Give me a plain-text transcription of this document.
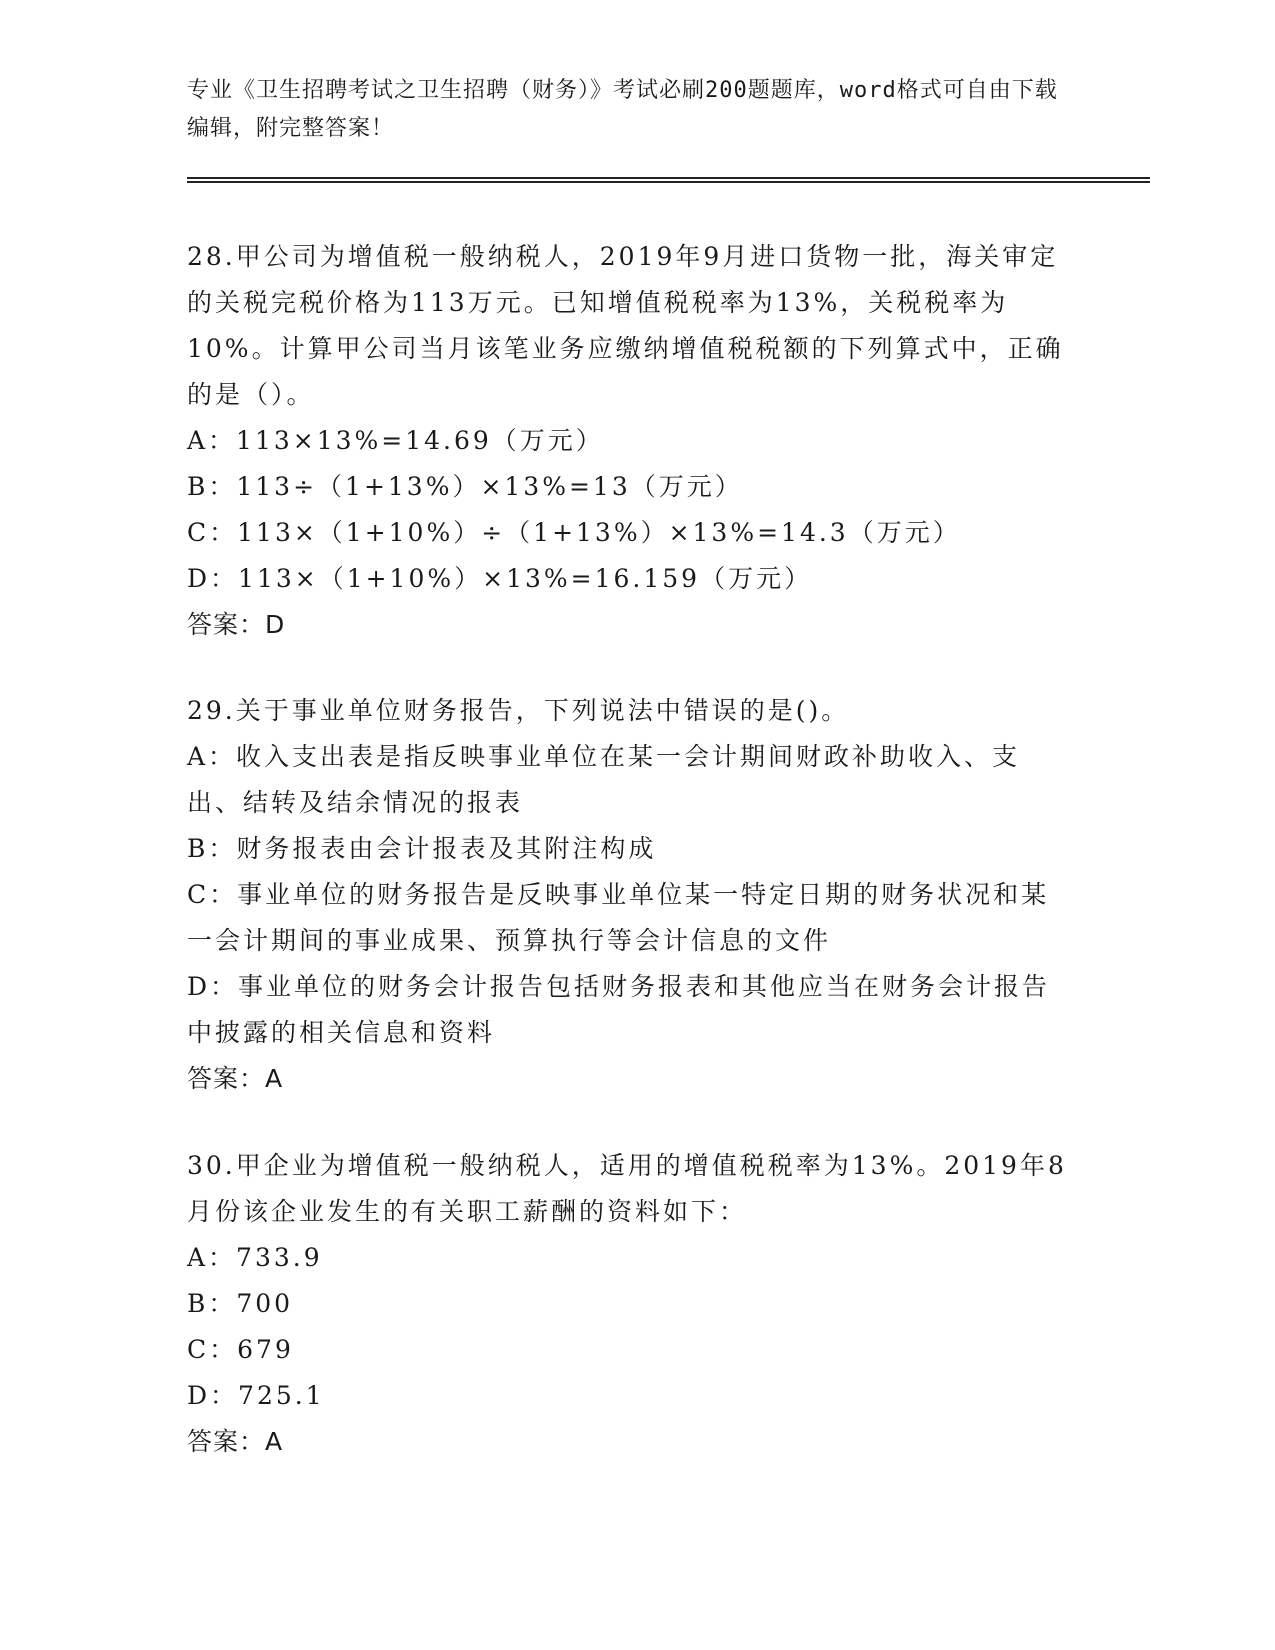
专业《卫生招聘考试之卫生招聘（财务）》考试必刷200题题库，word格式可自由下载编辑，附完整答案！

28.甲公司为增值税一般纳税人，2019年9月进口货物一批，海关审定的关税完税价格为113万元。已知增值税税率为13%，关税税率为10%。计算甲公司当月该笔业务应缴纳增值税税额的下列算式中，正确的是（）。

A：113×13%=14.69（万元）

B：113÷（1+13%）×13%=13（万元）

C：113×（1+10%）÷（1+13%）×13%=14.3（万元）

D：113×（1+10%）×13%=16.159（万元）

答案：D

29.关于事业单位财务报告，下列说法中错误的是()。

A：收入支出表是指反映事业单位在某一会计期间财政补助收入、支出、结转及结余情况的报表

B：财务报表由会计报表及其附注构成

C：事业单位的财务报告是反映事业单位某一特定日期的财务状况和某一会计期间的事业成果、预算执行等会计信息的文件

D：事业单位的财务会计报告包括财务报表和其他应当在财务会计报告中披露的相关信息和资料

答案：A

30.甲企业为增值税一般纳税人，适用的增值税税率为13%。2019年8月份该企业发生的有关职工薪酬的资料如下：

A：733.9

B：700

C：679

D：725.1

答案：A
